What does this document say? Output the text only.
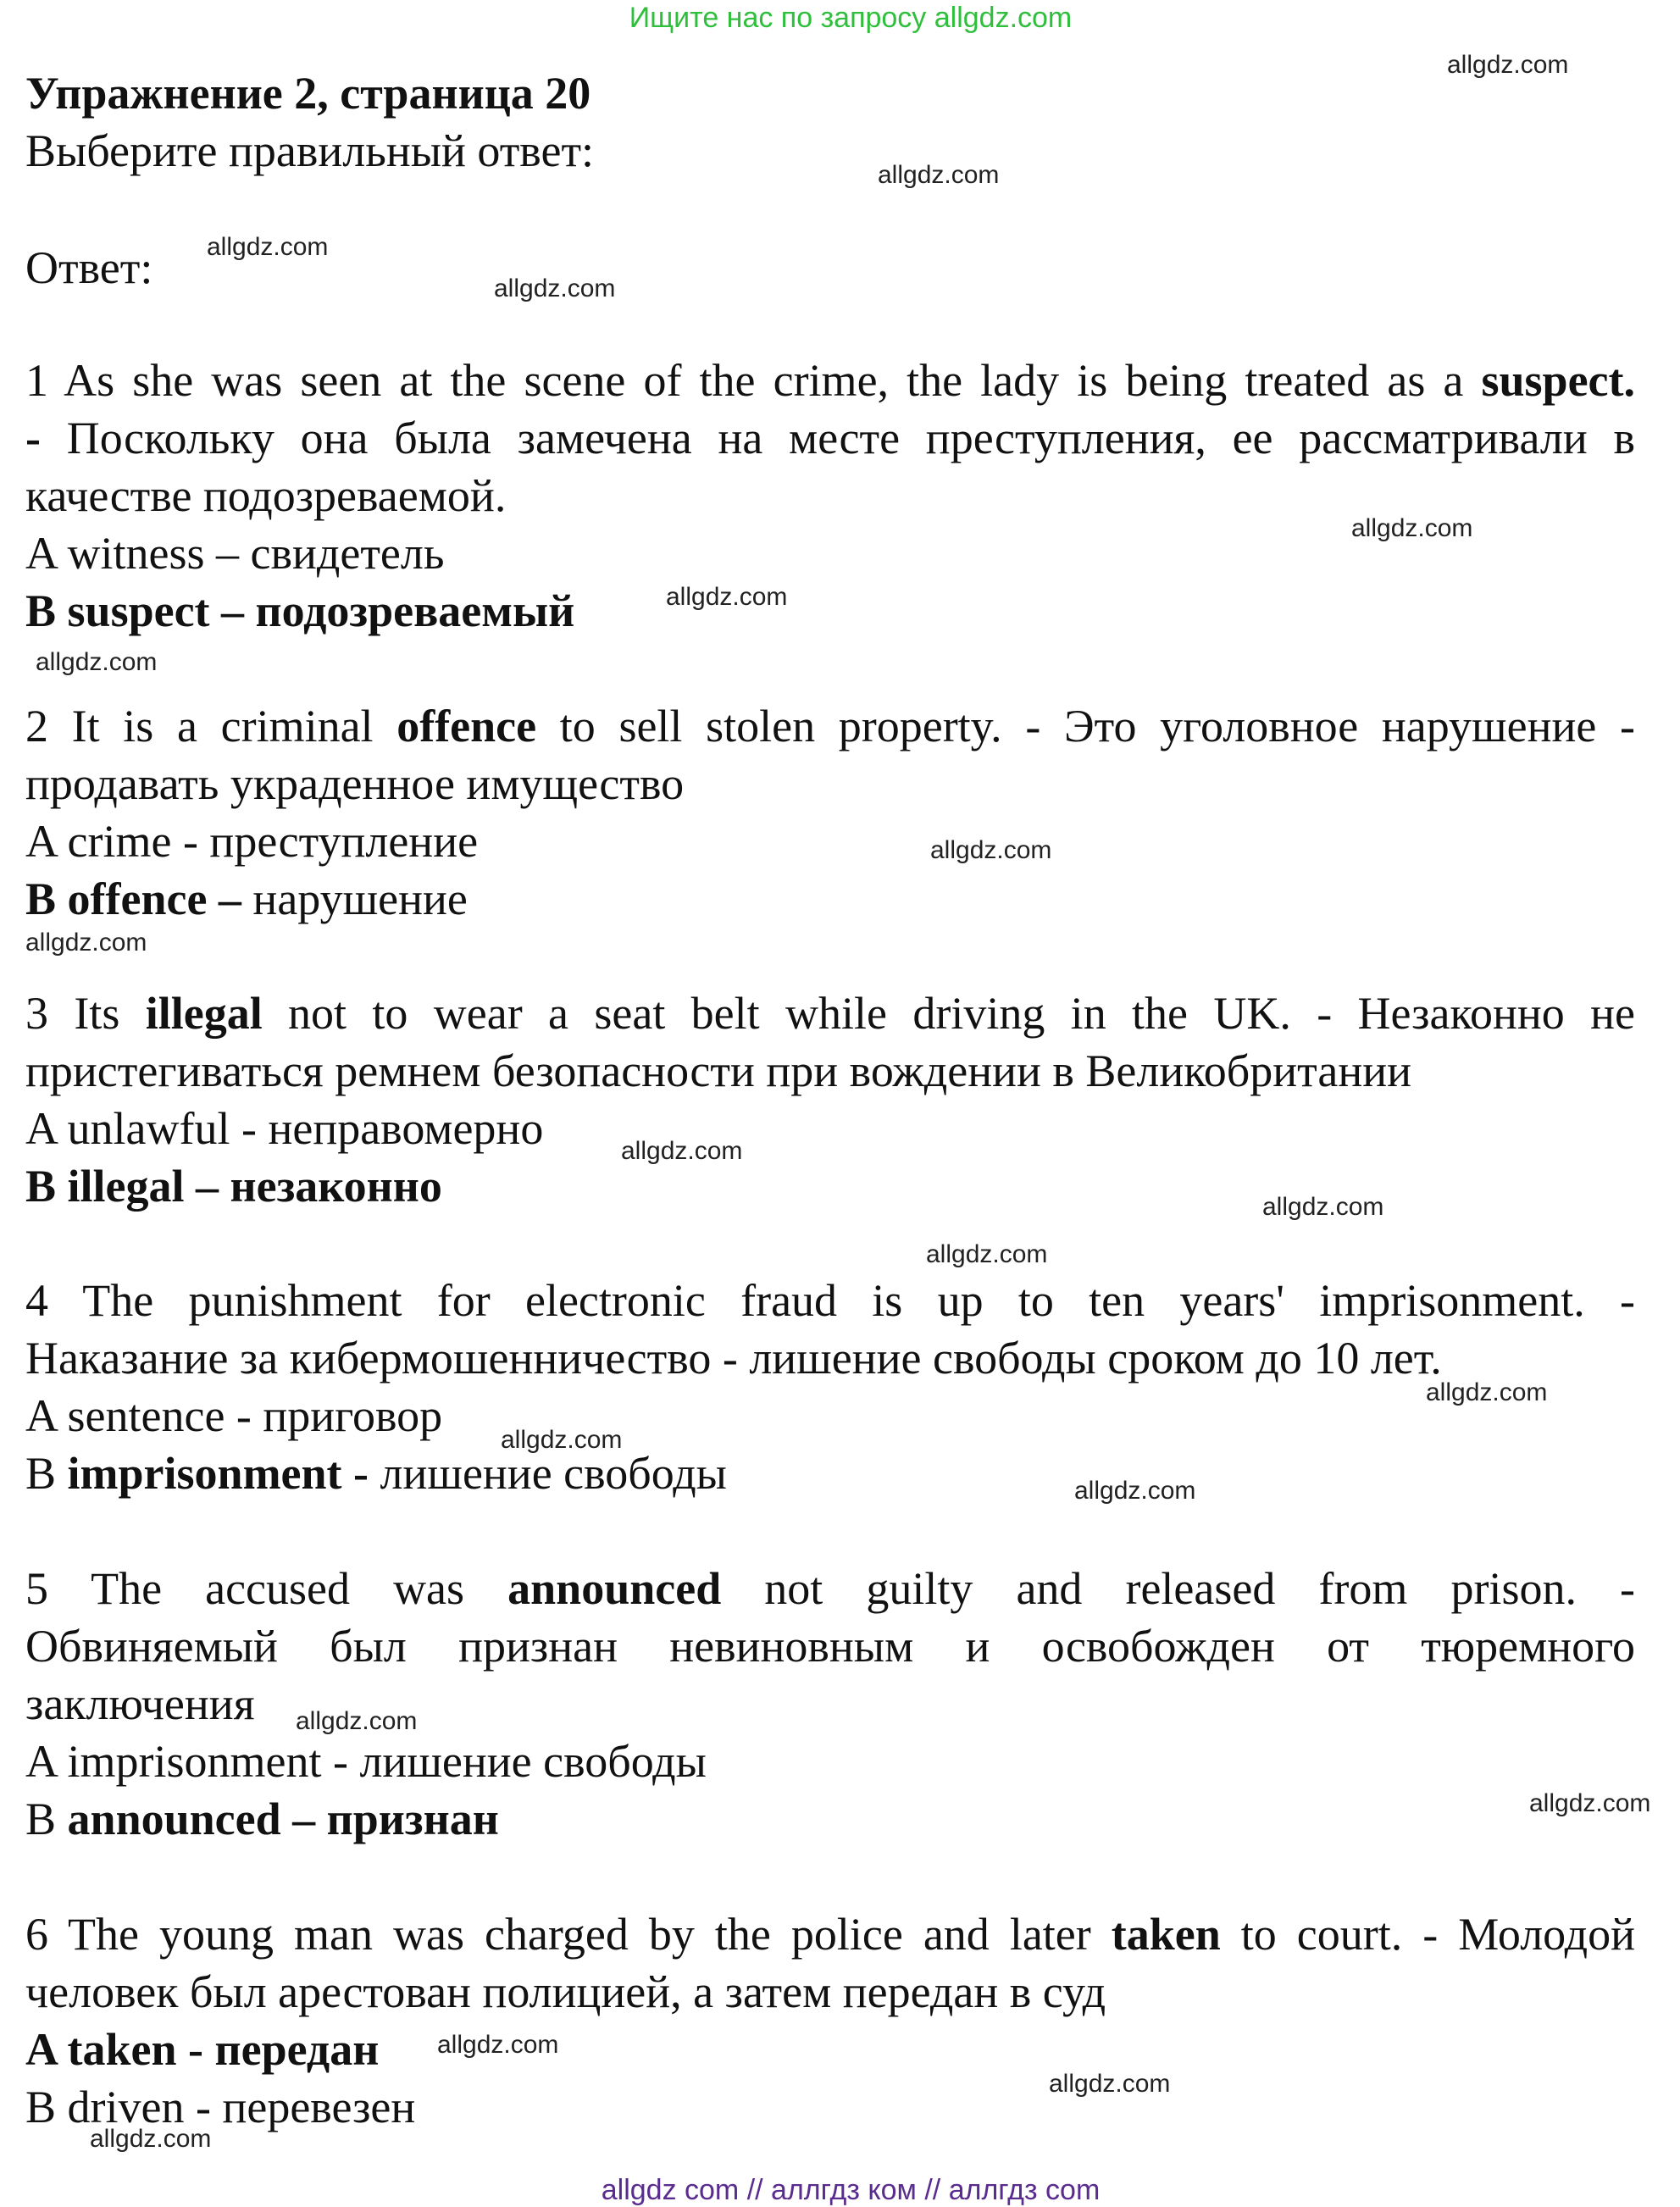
Ищите нас по запросу allgdz.com
Упражнение 2, страница 20
Выберите правильный ответ:
Ответ:
1 As she was seen at the scene of the crime, the lady is being treated as a suspect.
- Поскольку она была замечена на месте преступления, ее рассматривали в
качестве подозреваемой.
A witness – свидетель
B suspect – подозреваемый
2 It is a criminal offence to sell stolen property. - Это уголовное нарушение -
продавать украденное имущество
A crime - преступление
B offence – нарушение
3 Its illegal not to wear a seat belt while driving in the UK. - Незаконно не
пристегиваться ремнем безопасности при вождении в Великобритании
A unlawful - неправомерно
B illegal – незаконно
4 The punishment for electronic fraud is up to ten years' imprisonment. -
Наказание за кибермошенничество - лишение свободы сроком до 10 лет.
A sentence - приговор
B imprisonment - лишение свободы
5 The accused was announced not guilty and released from prison. -
Обвиняемый был признан невиновным и освобожден от тюремного
заключения
A imprisonment - лишение свободы
B announced – признан
6 The young man was charged by the police and later taken to court. - Молодой
человек был арестован полицией, а затем передан в суд
A taken - передан
B driven - перевезен
allgdz.com
allgdz.com
allgdz.com
allgdz.com
allgdz.com
allgdz.com
allgdz.com
allgdz.com
allgdz.com
allgdz.com
allgdz.com
allgdz.com
allgdz.com
allgdz.com
allgdz.com
allgdz.com
allgdz.com
allgdz.com
allgdz.com
allgdz.com
allgdz com // аллгдз ком // аллгдз com
